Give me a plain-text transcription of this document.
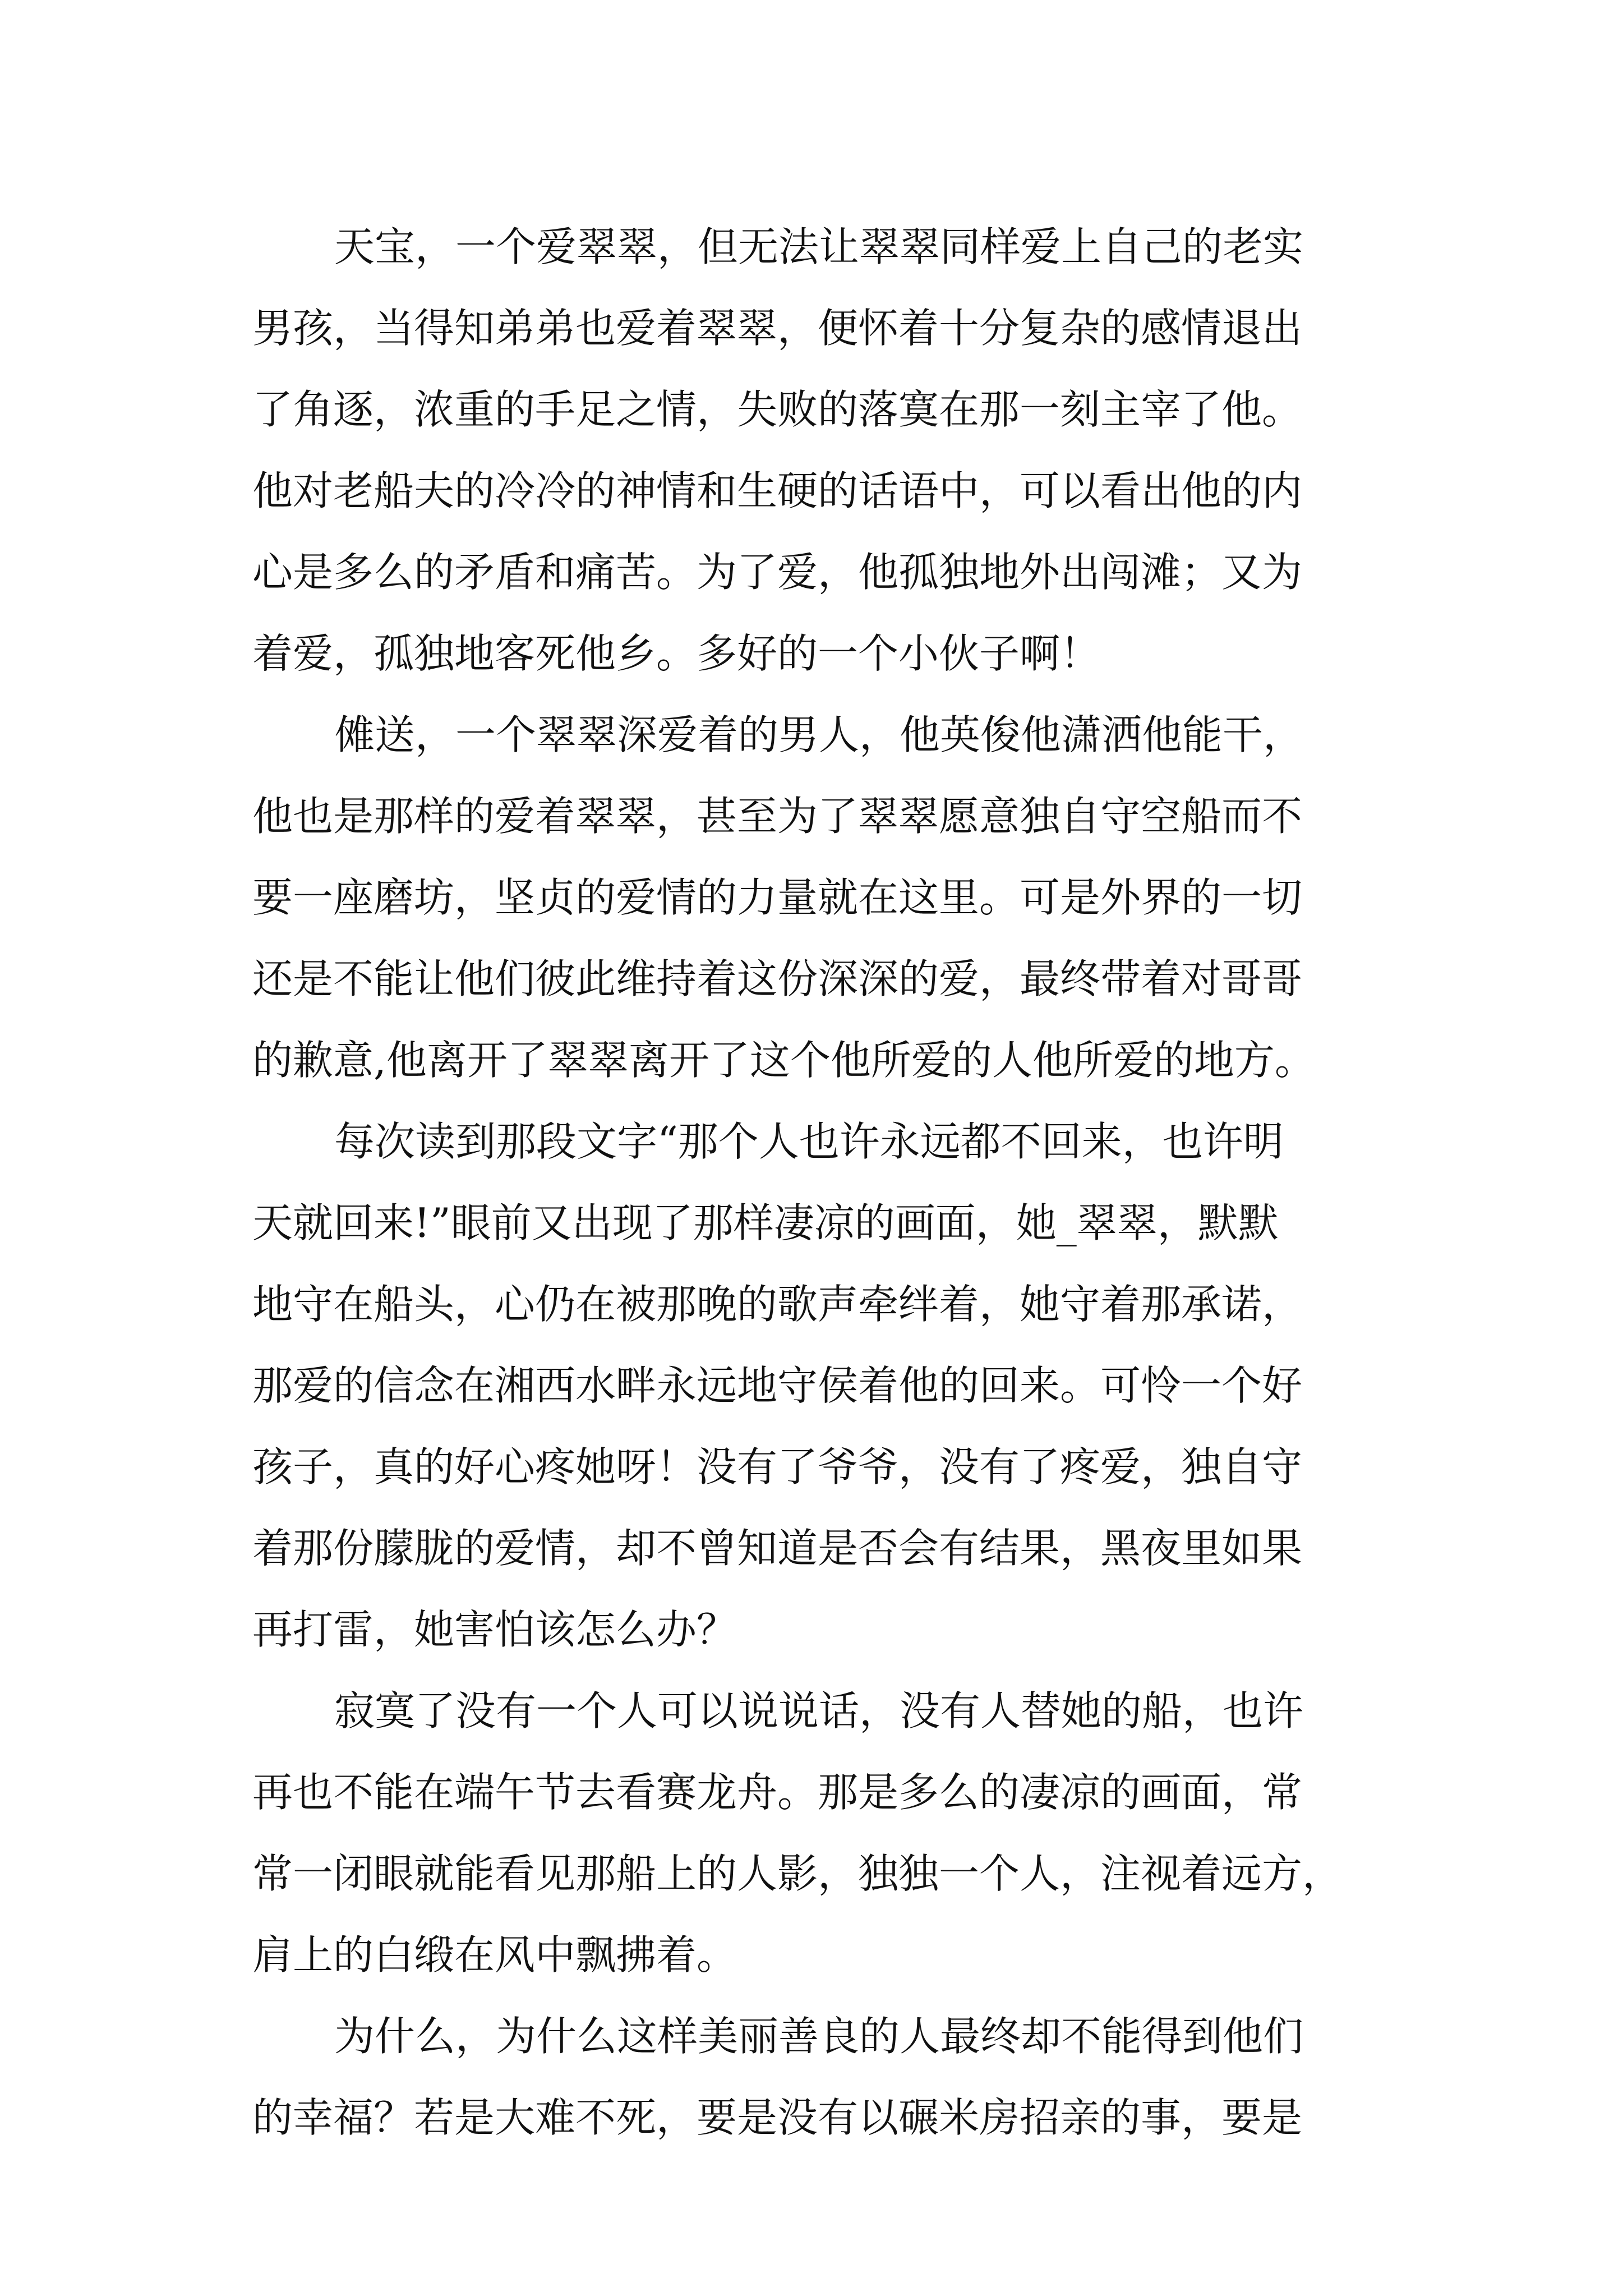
天宝，一个爱翠翠，但无法让翠翠同样爱上自己的老实
男孩，当得知弟弟也爱着翠翠，便怀着十分复杂的感情退出
了角逐，浓重的手足之情，失败的落寞在那一刻主宰了他。
他对老船夫的冷冷的神情和生硬的话语中，可以看出他的内
心是多么的矛盾和痛苦。为了爱，他孤独地外出闯滩；又为
着爱，孤独地客死他乡。多好的一个小伙子啊！
傩送，一个翠翠深爱着的男人，他英俊他潇洒他能干，
他也是那样的爱着翠翠，甚至为了翠翠愿意独自守空船而不
要一座磨坊，坚贞的爱情的力量就在这里。可是外界的一切
还是不能让他们彼此维持着这份深深的爱，最终带着对哥哥
的歉意,他离开了翠翠离开了这个他所爱的人他所爱的地方。
每次读到那段文字“那个人也许永远都不回来，也许明
天就回来!”眼前又出现了那样凄凉的画面，她_翠翠，默默
地守在船头，心仍在被那晚的歌声牵绊着，她守着那承诺，
那爱的信念在湘西水畔永远地守侯着他的回来。可怜一个好
孩子，真的好心疼她呀！没有了爷爷，没有了疼爱，独自守
着那份朦胧的爱情，却不曾知道是否会有结果，黑夜里如果
再打雷，她害怕该怎么办？
寂寞了没有一个人可以说说话，没有人替她的船，也许
再也不能在端午节去看赛龙舟。那是多么的凄凉的画面，常
常一闭眼就能看见那船上的人影，独独一个人，注视着远方，
肩上的白缎在风中飘拂着。
为什么，为什么这样美丽善良的人最终却不能得到他们
的幸福？若是大难不死，要是没有以碾米房招亲的事，要是
